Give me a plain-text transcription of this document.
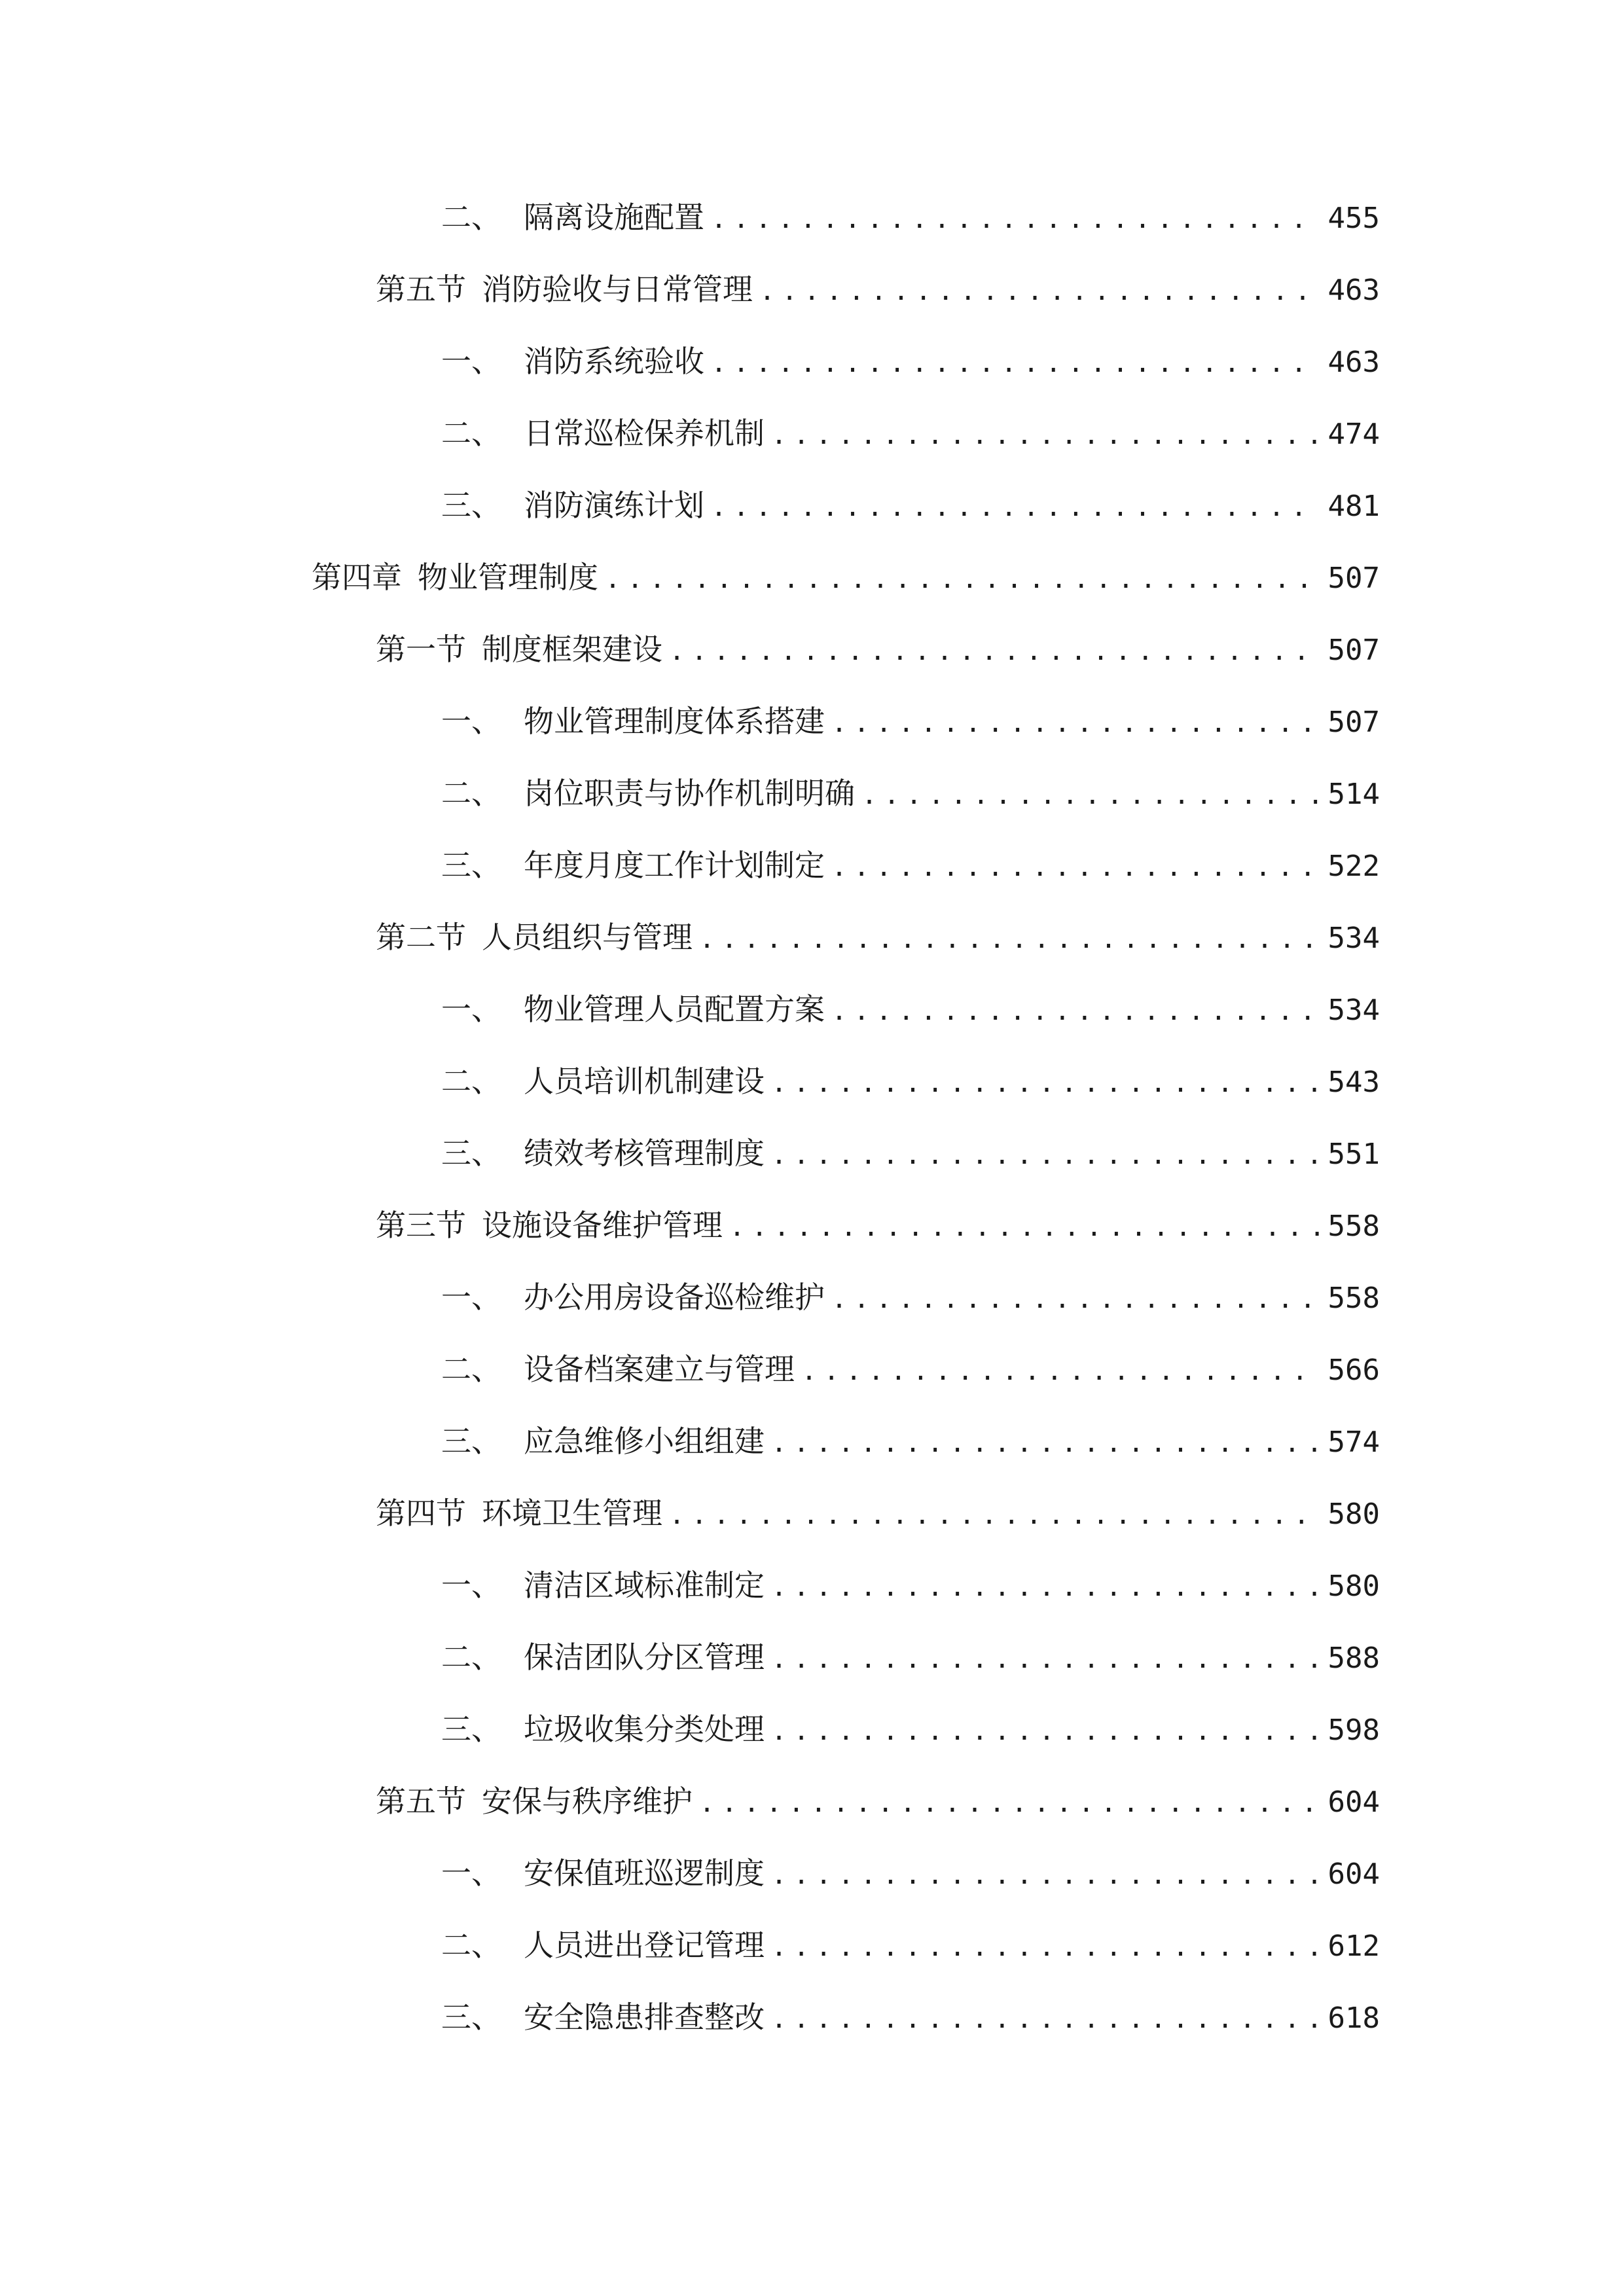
二、 隔离设施配置 .....	455
第五节 消防验收与日常管理 .....	463
一、 消防系统验收 .....	463
二、 日常巡检保养机制 .....	474
三、 消防演练计划 .....	481
第四章 物业管理制度 .....	507
第一节 制度框架建设 .....	507
一、 物业管理制度体系搭建 .....	507
二、 岗位职责与协作机制明确 .....	514
三、 年度月度工作计划制定 .....	522
第二节 人员组织与管理 .....	534
一、 物业管理人员配置方案 .....	534
二、 人员培训机制建设 .....	543
三、 绩效考核管理制度 .....	551
第三节 设施设备维护管理 .....	558
一、 办公用房设备巡检维护 .....	558
二、 设备档案建立与管理 .....	566
三、 应急维修小组组建 .....	574
第四节 环境卫生管理 .....	580
一、 清洁区域标准制定 .....	580
二、 保洁团队分区管理 .....	588
三、 垃圾收集分类处理 .....	598
第五节 安保与秩序维护 .....	604
一、 安保值班巡逻制度 .....	604
二、 人员进出登记管理 .....	612
三、 安全隐患排查整改 .....	618
